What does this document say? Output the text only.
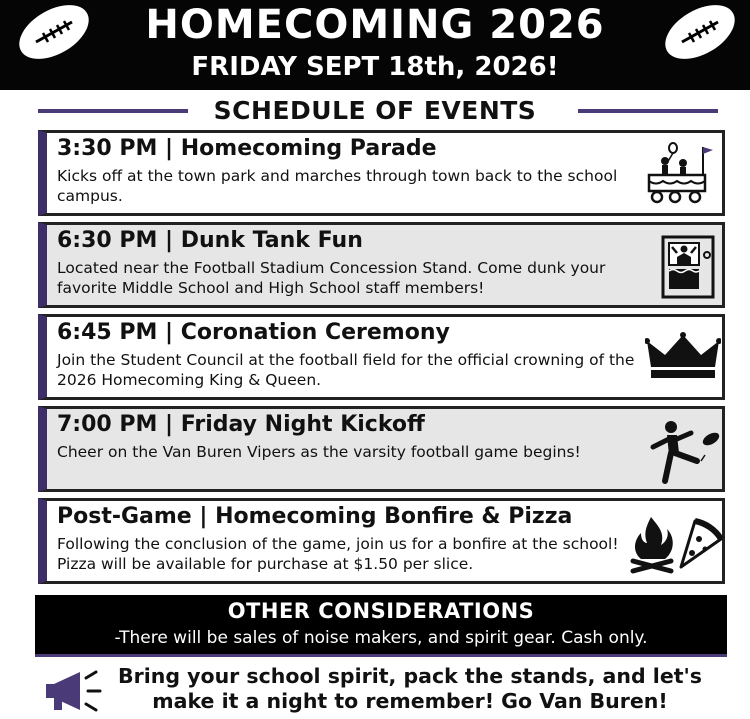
HOMECOMING 2026
FRIDAY SEPT 18th, 2026!
SCHEDULE OF EVENTS
3:30 PM | Homecoming Parade
Kicks off at the town park and marches through town back to the school campus.
6:30 PM | Dunk Tank Fun
Located near the Football Stadium Concession Stand. Come dunk your favorite Middle School and High School staff members!
6:45 PM | Coronation Ceremony
Join the Student Council at the football field for the official crowning of the 2026 Homecoming King & Queen.
7:00 PM | Friday Night Kickoff
Cheer on the Van Buren Vipers as the varsity football game begins!
Post-Game | Homecoming Bonfire & Pizza
Following the conclusion of the game, join us for a bonfire at the school! Pizza will be available for purchase at $1.50 per slice.
OTHER CONSIDERATIONS
-There will be sales of noise makers, and spirit gear. Cash only.
Bring your school spirit, pack the stands, and let's make it a night to remember! Go Van Buren!
